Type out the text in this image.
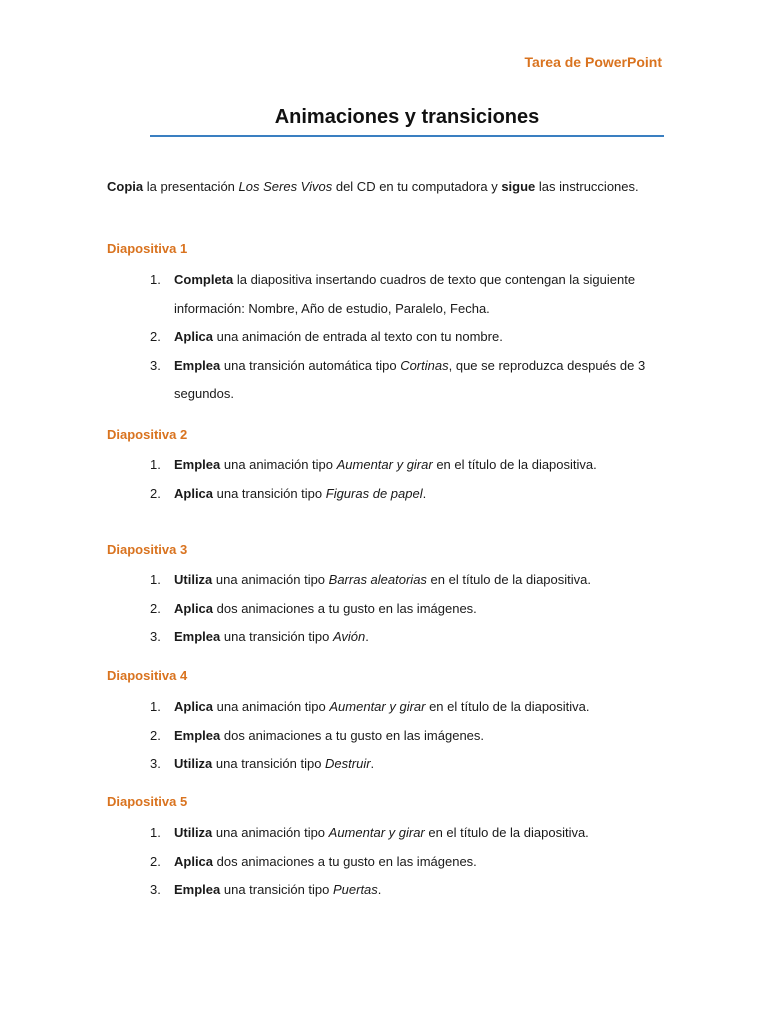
Tarea de PowerPoint
Animaciones y transiciones
Copia la presentación Los Seres Vivos del CD en tu computadora y sigue las instrucciones.
Diapositiva 1
1.	Completa la diapositiva insertando cuadros de texto que contengan la siguiente información: Nombre, Año de estudio, Paralelo, Fecha.
2.	Aplica una animación de entrada al texto con tu nombre.
3.	Emplea una transición automática tipo Cortinas, que se reproduzca después de 3 segundos.
Diapositiva 2
1.	Emplea una animación tipo Aumentar y girar en el título de la diapositiva.
2.	Aplica una transición tipo Figuras de papel.
Diapositiva 3
1.	Utiliza una animación tipo Barras aleatorias en el título de la diapositiva.
2.	Aplica dos animaciones a tu gusto en las imágenes.
3.	Emplea una transición tipo Avión.
Diapositiva 4
1.	Aplica una animación tipo Aumentar y girar en el título de la diapositiva.
2.	Emplea dos animaciones a tu gusto en las imágenes.
3.	Utiliza una transición tipo Destruir.
Diapositiva 5
1.	Utiliza una animación tipo Aumentar y girar en el título de la diapositiva.
2.	Aplica dos animaciones a tu gusto en las imágenes.
3.	Emplea una transición tipo Puertas.
